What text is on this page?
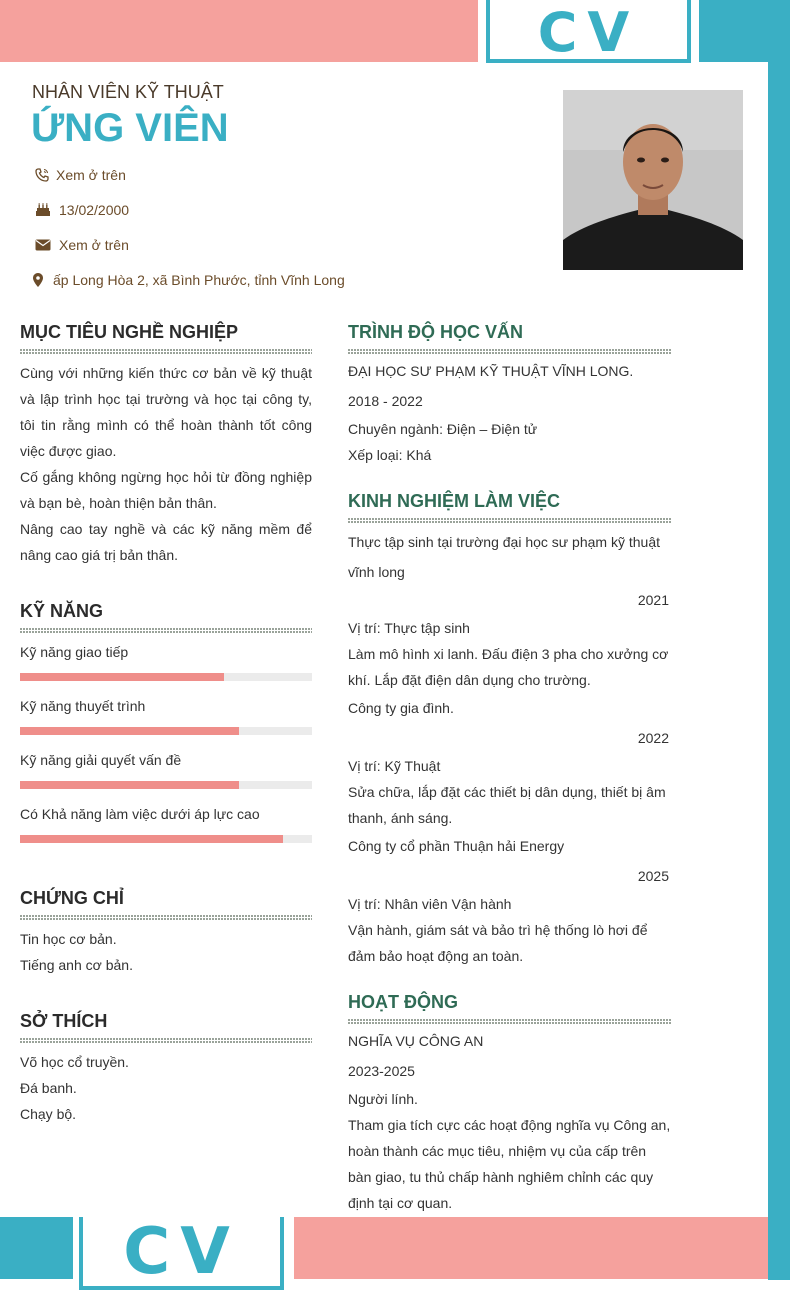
CV
CV
NHÂN VIÊN KỸ THUẬT
ỨNG VIÊN
Xem ở trên
13/02/2000
Xem ở trên
ấp Long Hòa 2, xã Bình Phước, tỉnh Vĩnh Long
MỤC TIÊU NGHỀ NGHIỆP
Cùng với những kiến thức cơ bản về kỹ thuật và lập trình học tại trường và học tại công ty, tôi tin rằng mình có thể hoàn thành tốt công việc được giao.
Cố gắng không ngừng học hỏi từ đồng nghiệp và bạn bè, hoàn thiện bản thân.
Nâng cao tay nghề và các kỹ năng mềm để nâng cao giá trị bản thân.
KỸ NĂNG
Kỹ năng giao tiếp
Kỹ năng thuyết trình
Kỹ năng giải quyết vấn đề
Có Khả năng làm việc dưới áp lực cao
CHỨNG CHỈ
Tin học cơ bản.
Tiếng anh cơ bản.
SỞ THÍCH
Võ học cổ truyền.
Đá banh.
Chạy bộ.
TRÌNH ĐỘ HỌC VẤN
ĐẠI HỌC SƯ PHẠM KỸ THUẬT VĨNH LONG.
2018 - 2022
Chuyên ngành: Điện – Điện tử
Xếp loại: Khá
KINH NGHIỆM LÀM VIỆC
Thực tập sinh tại trường đại học sư phạm kỹ thuật vĩnh long
2021
Vị trí: Thực tập sinh
Làm mô hình xi lanh. Đấu điện 3 pha cho xưởng cơ khí. Lắp đặt điện dân dụng cho trường.
Công ty gia đình.
2022
Vị trí: Kỹ Thuật
Sửa chữa, lắp đặt các thiết bị dân dụng, thiết bị âm thanh, ánh sáng.
Công ty cổ phần Thuận hải Energy
2025
Vị trí: Nhân viên Vận hành
Vận hành, giám sát và bảo trì hệ thống lò hơi để đảm bảo hoạt động an toàn.
HOẠT ĐỘNG
NGHĨA VỤ CÔNG AN
2023-2025
Người lính.
Tham gia tích cực các hoạt động nghĩa vụ Công an, hoàn thành các mục tiêu, nhiệm vụ của cấp trên bàn giao, tu thủ chấp hành nghiêm chỉnh các quy định tại cơ quan.
